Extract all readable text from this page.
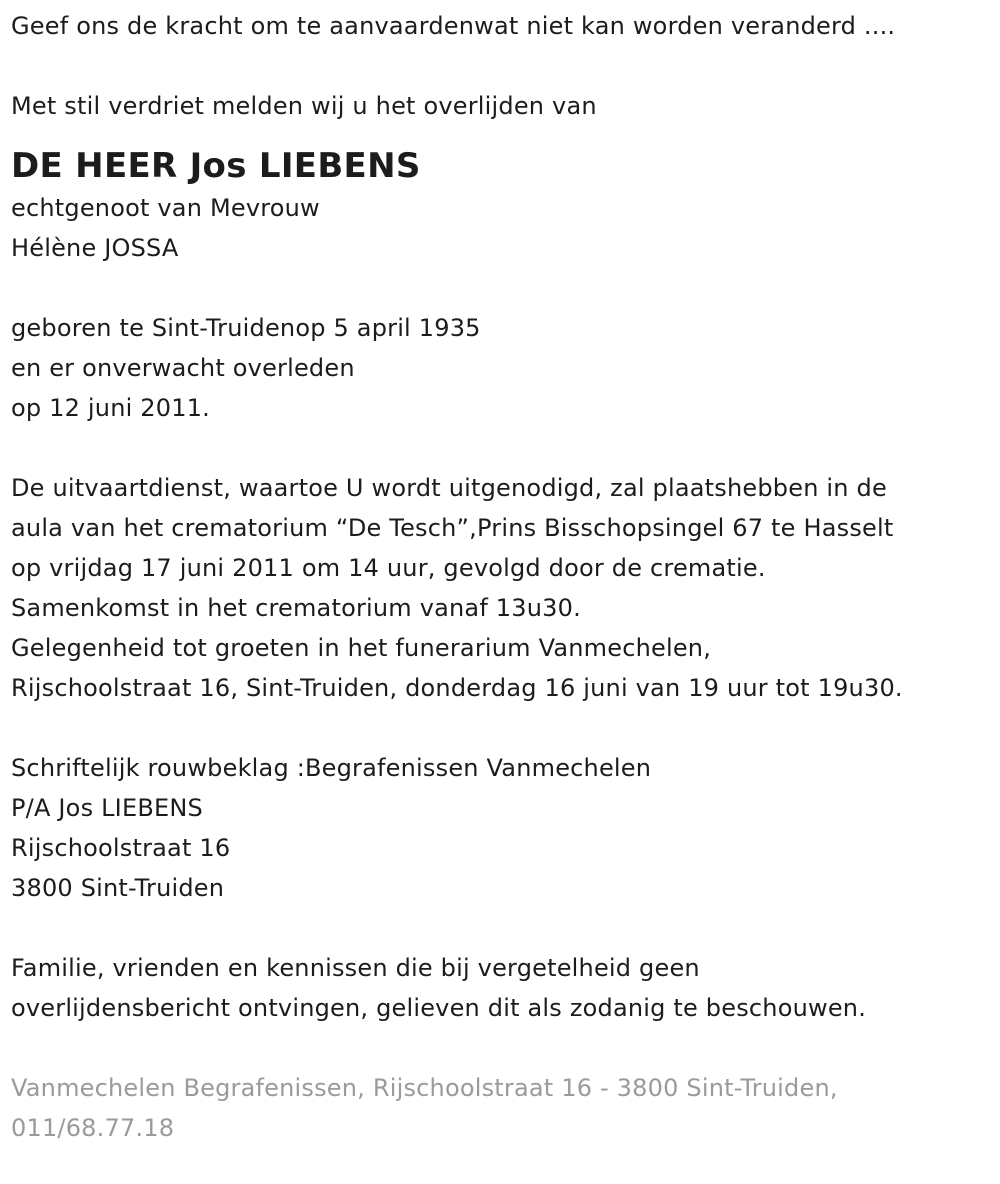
Geef ons de kracht om te aanvaardenwat niet kan worden veranderd ....
Met stil verdriet melden wij u het overlijden van
DE HEER Jos LIEBENS
echtgenoot van Mevrouw
Hélène JOSSA
geboren te Sint-Truidenop 5 april 1935
en er onverwacht overleden
op 12 juni 2011.
De uitvaartdienst, waartoe U wordt uitgenodigd, zal plaatshebben in de
aula van het crematorium “De Tesch”,Prins Bisschopsingel 67 te Hasselt
op vrijdag 17 juni 2011 om 14 uur, gevolgd door de crematie.
Samenkomst in het crematorium vanaf 13u30.
Gelegenheid tot groeten in het funerarium Vanmechelen,
Rijschoolstraat 16, Sint-Truiden, donderdag 16 juni van 19 uur tot 19u30.
Schriftelijk rouwbeklag :Begrafenissen Vanmechelen
P/A Jos LIEBENS
Rijschoolstraat 16
3800 Sint-Truiden
Familie, vrienden en kennissen die bij vergetelheid geen
overlijdensbericht ontvingen, gelieven dit als zodanig te beschouwen.
Vanmechelen Begrafenissen, Rijschoolstraat 16 - 3800 Sint-Truiden,
011/68.77.18
